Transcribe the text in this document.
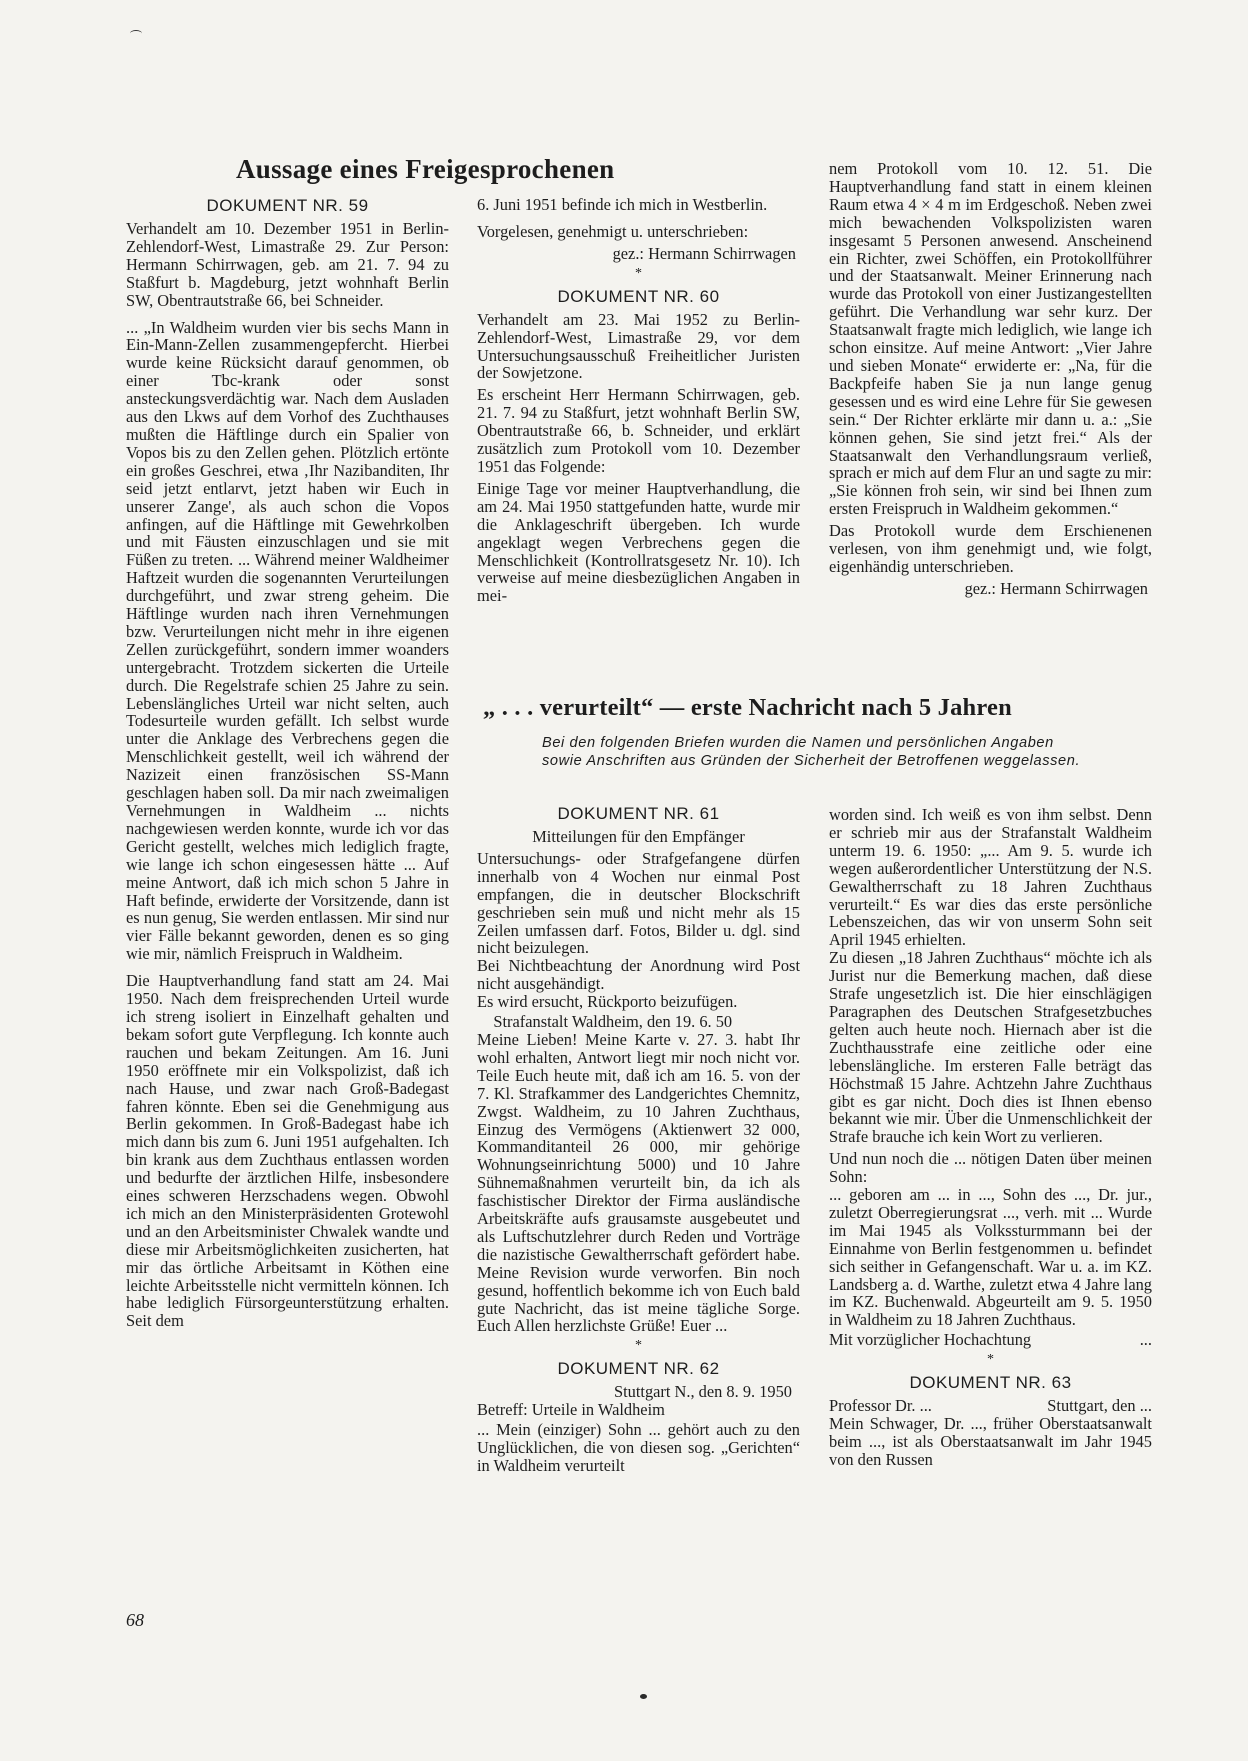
Aussage eines Freigesprochenen
DOKUMENT NR. 59

Verhandelt am 10. Dezember 1951 in Berlin-Zehlendorf-West, Limastraße 29. Zur Person: Hermann Schirrwagen, geb. am 21. 7. 94 zu Staßfurt b. Magdeburg, jetzt wohnhaft Berlin SW, Obentrautstraße 66, bei Schneider.

... „In Waldheim wurden vier bis sechs Mann in Ein-Mann-Zellen zusammengepfercht. Hierbei wurde keine Rücksicht darauf genommen, ob einer Tbc-krank oder sonst ansteckungsverdächtig war. Nach dem Ausladen aus den Lkws auf dem Vorhof des Zuchthauses mußten die Häftlinge durch ein Spalier von Vopos bis zu den Zellen gehen. Plötzlich ertönte ein großes Geschrei, etwa ‚Ihr Nazibanditen, Ihr seid jetzt entlarvt, jetzt haben wir Euch in unserer Zange', als auch schon die Vopos anfingen, auf die Häftlinge mit Gewehrkolben und mit Fäusten einzuschlagen und sie mit Füßen zu treten. ... Während meiner Waldheimer Haftzeit wurden die sogenannten Verurteilungen durchgeführt, und zwar streng geheim. Die Häftlinge wurden nach ihren Vernehmungen bzw. Verurteilungen nicht mehr in ihre eigenen Zellen zurückgeführt, sondern immer woanders untergebracht. Trotzdem sickerten die Urteile durch. Die Regelstrafe schien 25 Jahre zu sein. Lebenslängliches Urteil war nicht selten, auch Todesurteile wurden gefällt. Ich selbst wurde unter die Anklage des Verbrechens gegen die Menschlichkeit gestellt, weil ich während der Nazizeit einen französischen SS-Mann geschlagen haben soll. Da mir nach zweimaligen Vernehmungen in Waldheim ... nichts nachgewiesen werden konnte, wurde ich vor das Gericht gestellt, welches mich lediglich fragte, wie lange ich schon eingesessen hätte ... Auf meine Antwort, daß ich mich schon 5 Jahre in Haft befinde, erwiderte der Vorsitzende, dann ist es nun genug, Sie werden entlassen. Mir sind nur vier Fälle bekannt geworden, denen es so ging wie mir, nämlich Freispruch in Waldheim.

Die Hauptverhandlung fand statt am 24. Mai 1950. Nach dem freisprechenden Urteil wurde ich streng isoliert in Einzelhaft gehalten und bekam sofort gute Verpflegung. Ich konnte auch rauchen und bekam Zeitungen. Am 16. Juni 1950 eröffnete mir ein Volkspolizist, daß ich nach Hause, und zwar nach Groß-Badegast fahren könnte. Eben sei die Genehmigung aus Berlin gekommen. In Groß-Badegast habe ich mich dann bis zum 6. Juni 1951 aufgehalten. Ich bin krank aus dem Zuchthaus entlassen worden und bedurfte der ärztlichen Hilfe, insbesondere eines schweren Herzschadens wegen. Obwohl ich mich an den Ministerpräsidenten Grotewohl und an den Arbeitsminister Chwalek wandte und diese mir Arbeitsmöglichkeiten zusicherten, hat mir das örtliche Arbeitsamt in Köthen eine leichte Arbeitsstelle nicht vermitteln können. Ich habe lediglich Fürsorgeunterstützung erhalten. Seit dem

6. Juni 1951 befinde ich mich in Westberlin.

Vorgelesen, genehmigt u. unterschrieben:

gez.: Hermann Schirrwagen

*
DOKUMENT NR. 60

Verhandelt am 23. Mai 1952 zu Berlin-Zehlendorf-West, Limastraße 29, vor dem Untersuchungsausschuß Freiheitlicher Juristen der Sowjetzone.

Es erscheint Herr Hermann Schirrwagen, geb. 21. 7. 94 zu Staßfurt, jetzt wohnhaft Berlin SW, Obentrautstraße 66, b. Schneider, und erklärt zusätzlich zum Protokoll vom 10. Dezember 1951 das Folgende:

Einige Tage vor meiner Hauptverhandlung, die am 24. Mai 1950 stattgefunden hatte, wurde mir die Anklageschrift übergeben. Ich wurde angeklagt wegen Verbrechens gegen die Menschlichkeit (Kontrollratsgesetz Nr. 10). Ich verweise auf meine diesbezüglichen Angaben in mei-

nem Protokoll vom 10. 12. 51. Die Hauptverhandlung fand statt in einem kleinen Raum etwa 4 × 4 m im Erdgeschoß. Neben zwei mich bewachenden Volkspolizisten waren insgesamt 5 Personen anwesend. Anscheinend ein Richter, zwei Schöffen, ein Protokollführer und der Staatsanwalt. Meiner Erinnerung nach wurde das Protokoll von einer Justizangestellten geführt. Die Verhandlung war sehr kurz. Der Staatsanwalt fragte mich lediglich, wie lange ich schon einsitze. Auf meine Antwort: „Vier Jahre und sieben Monate“ erwiderte er: „Na, für die Backpfeife haben Sie ja nun lange genug gesessen und es wird eine Lehre für Sie gewesen sein.“ Der Richter erklärte mir dann u. a.: „Sie können gehen, Sie sind jetzt frei.“ Als der Staatsanwalt den Verhandlungsraum verließ, sprach er mich auf dem Flur an und sagte zu mir: „Sie können froh sein, wir sind bei Ihnen zum ersten Freispruch in Waldheim gekommen.“

Das Protokoll wurde dem Erschienenen verlesen, von ihm genehmigt und, wie folgt, eigenhändig unterschrieben.

gez.: Hermann Schirrwagen

„ . . . verurteilt“ — erste Nachricht nach 5 Jahren
Bei den folgenden Briefen wurden die Namen und persönlichen Angaben sowie Anschriften aus Gründen der Sicherheit der Betroffenen weggelassen.
DOKUMENT NR. 61

Mitteilungen für den Empfänger

Untersuchungs- oder Strafgefangene dürfen innerhalb von 4 Wochen nur einmal Post empfangen, die in deutscher Blockschrift geschrieben sein muß und nicht mehr als 15 Zeilen umfassen darf. Fotos, Bilder u. dgl. sind nicht beizulegen.

Bei Nichtbeachtung der Anordnung wird Post nicht ausgehändigt.

Es wird ersucht, Rückporto beizufügen.

Strafanstalt Waldheim, den 19. 6. 50

Meine Lieben! Meine Karte v. 27. 3. habt Ihr wohl erhalten, Antwort liegt mir noch nicht vor. Teile Euch heute mit, daß ich am 16. 5. von der 7. Kl. Strafkammer des Landgerichtes Chemnitz, Zwgst. Waldheim, zu 10 Jahren Zuchthaus, Einzug des Vermögens (Aktienwert 32 000, Kommanditanteil 26 000, mir gehörige Wohnungseinrichtung 5000) und 10 Jahre Sühnemaßnahmen verurteilt bin, da ich als faschistischer Direktor der Firma ausländische Arbeitskräfte aufs grausamste ausgebeutet und als Luftschutzlehrer durch Reden und Vorträge die nazistische Gewaltherrschaft gefördert habe. Meine Revision wurde verworfen. Bin noch gesund, hoffentlich bekomme ich von Euch bald gute Nachricht, das ist meine tägliche Sorge. Euch Allen herzlichste Grüße! Euer ...

*
DOKUMENT NR. 62

Stuttgart N., den 8. 9. 1950

Betreff: Urteile in Waldheim

... Mein (einziger) Sohn ... gehört auch zu den Unglücklichen, die von diesen sog. „Gerichten“ in Waldheim verurteilt

worden sind. Ich weiß es von ihm selbst. Denn er schrieb mir aus der Strafanstalt Waldheim unterm 19. 6. 1950: „... Am 9. 5. wurde ich wegen außerordentlicher Unterstützung der N.S. Gewaltherrschaft zu 18 Jahren Zuchthaus verurteilt.“ Es war dies das erste persönliche Lebenszeichen, das wir von unserm Sohn seit April 1945 erhielten.

Zu diesen „18 Jahren Zuchthaus“ möchte ich als Jurist nur die Bemerkung machen, daß diese Strafe ungesetzlich ist. Die hier einschlägigen Paragraphen des Deutschen Strafgesetzbuches gelten auch heute noch. Hiernach aber ist die Zuchthausstrafe eine zeitliche oder eine lebenslängliche. Im ersteren Falle beträgt das Höchstmaß 15 Jahre. Achtzehn Jahre Zuchthaus gibt es gar nicht. Doch dies ist Ihnen ebenso bekannt wie mir. Über die Unmenschlichkeit der Strafe brauche ich kein Wort zu verlieren.

Und nun noch die ... nötigen Daten über meinen Sohn:

... geboren am ... in ..., Sohn des ..., Dr. jur., zuletzt Oberregierungsrat ..., verh. mit ... Wurde im Mai 1945 als Volkssturmmann bei der Einnahme von Berlin festgenommen u. befindet sich seither in Gefangenschaft. War u. a. im KZ. Landsberg a. d. Warthe, zuletzt etwa 4 Jahre lang im KZ. Buchenwald. Abgeurteilt am 9. 5. 1950 in Waldheim zu 18 Jahren Zuchthaus.

Mit vorzüglicher Hochachtung	...

*
DOKUMENT NR. 63

Professor Dr. ...	Stuttgart, den ...

Mein Schwager, Dr. ..., früher Oberstaatsanwalt beim ..., ist als Oberstaatsanwalt im Jahr 1945 von den Russen

68
